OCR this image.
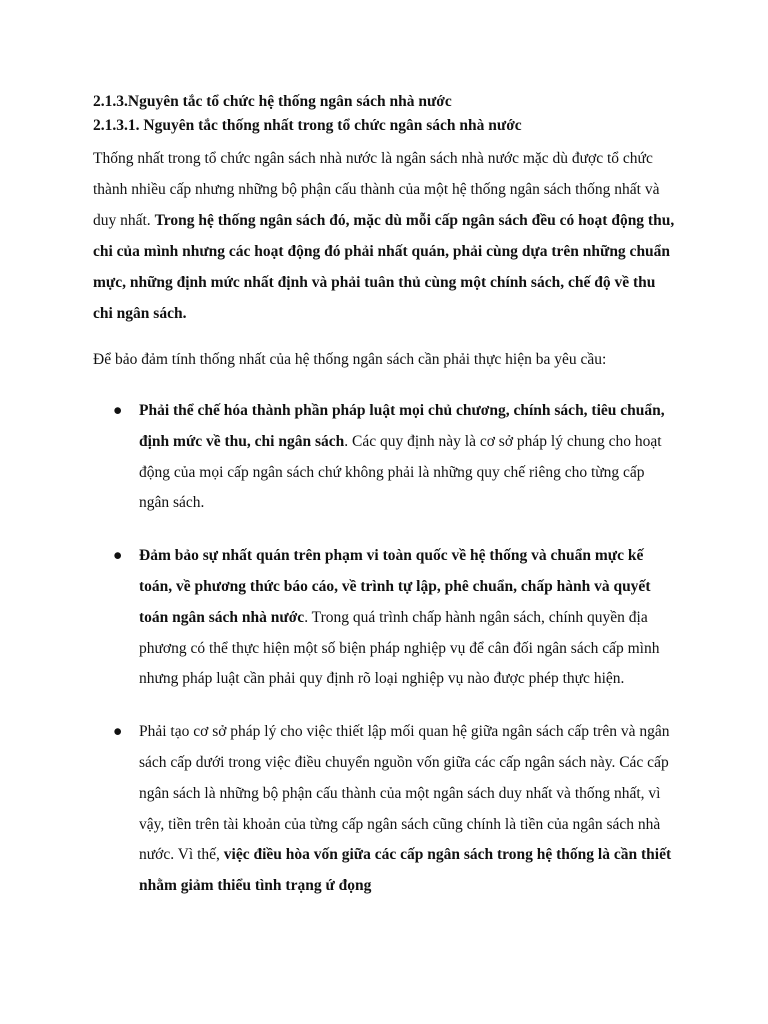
2.1.3.Nguyên tắc tổ chức hệ thống ngân sách nhà nước

2.1.3.1. Nguyên tắc thống nhất trong tổ chức ngân sách nhà nước

Thống nhất trong tổ chức ngân sách nhà nước là ngân sách nhà nước mặc dù được tổ chức thành nhiều cấp nhưng những bộ phận cấu thành của một hệ thống ngân sách thống nhất và duy nhất. Trong hệ thống ngân sách đó, mặc dù mỗi cấp ngân sách đều có hoạt động thu, chi của mình nhưng các hoạt động đó phải nhất quán, phải cùng dựa trên những chuẩn mực, những định mức nhất định và phải tuân thủ cùng một chính sách, chế độ về thu chi ngân sách.

Để bảo đảm tính thống nhất của hệ thống ngân sách cần phải thực hiện ba yêu cầu:

● Phải thể chế hóa thành phần pháp luật mọi chủ chương, chính sách, tiêu chuẩn, định mức về thu, chi ngân sách. Các quy định này là cơ sở pháp lý chung cho hoạt động của mọi cấp ngân sách chứ không phải là những quy chế riêng cho từng cấp ngân sách.
● Đảm bảo sự nhất quán trên phạm vi toàn quốc về hệ thống và chuẩn mực kế toán, về phương thức báo cáo, về trình tự lập, phê chuẩn, chấp hành và quyết toán ngân sách nhà nước. Trong quá trình chấp hành ngân sách, chính quyền địa phương có thể thực hiện một số biện pháp nghiệp vụ để cân đối ngân sách cấp mình nhưng pháp luật cần phải quy định rõ loại nghiệp vụ nào được phép thực hiện.
● Phải tạo cơ sở pháp lý cho việc thiết lập mối quan hệ giữa ngân sách cấp trên và ngân sách cấp dưới trong việc điều chuyển nguồn vốn giữa các cấp ngân sách này. Các cấp ngân sách là những bộ phận cấu thành của một ngân sách duy nhất và thống nhất, vì vậy, tiền trên tài khoản của từng cấp ngân sách cũng chính là tiền của ngân sách nhà nước. Vì thế, việc điều hòa vốn giữa các cấp ngân sách trong hệ thống là cần thiết nhằm giảm thiểu tình trạng ứ đọng
